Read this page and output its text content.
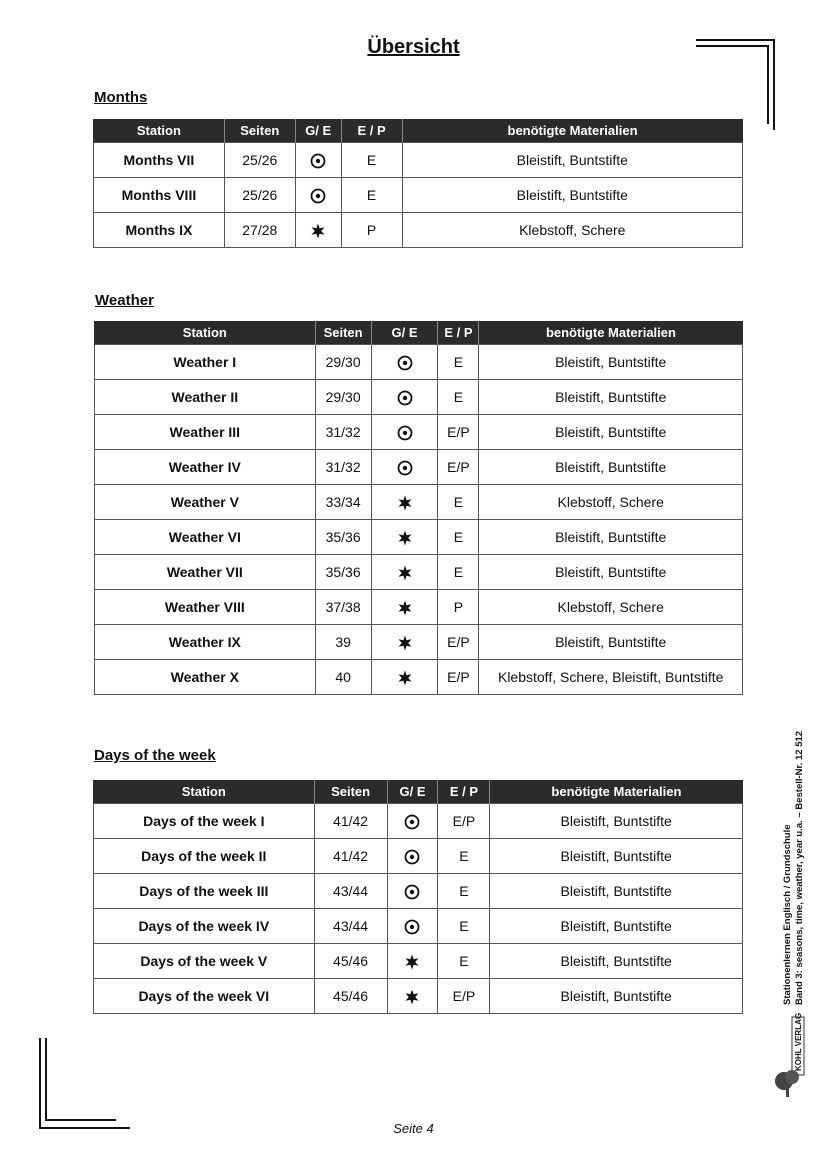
Übersicht
Months
Station	Seiten	G/ E	E / P	benötigte Materialien
Months VII	25/26		E	Bleistift, Buntstifte
Months VIII	25/26		E	Bleistift, Buntstifte
Months IX	27/28		P	Klebstoff, Schere
Weather
Station	Seiten	G/ E	E / P	benötigte Materialien
Weather I	29/30		E	Bleistift, Buntstifte
Weather II	29/30		E	Bleistift, Buntstifte
Weather III	31/32		E/P	Bleistift, Buntstifte
Weather IV	31/32		E/P	Bleistift, Buntstifte
Weather V	33/34		E	Klebstoff, Schere
Weather VI	35/36		E	Bleistift, Buntstifte
Weather VII	35/36		E	Bleistift, Buntstifte
Weather VIII	37/38		P	Klebstoff, Schere
Weather IX	39		E/P	Bleistift, Buntstifte
Weather X	40		E/P	Klebstoff, Schere, Bleistift, Buntstifte
Days of the week
Station	Seiten	G/ E	E / P	benötigte Materialien
Days of the week I	41/42		E/P	Bleistift, Buntstifte
Days of the week II	41/42		E	Bleistift, Buntstifte
Days of the week III	43/44		E	Bleistift, Buntstifte
Days of the week IV	43/44		E	Bleistift, Buntstifte
Days of the week V	45/46		E	Bleistift, Buntstifte
Days of the week VI	45/46		E/P	Bleistift, Buntstifte	Stationenlernen Englisch / Grundschule Band 3: seasons, time, weather, year u.a. – Bestell-Nr. 12 512
KOHL VERLAG
Seite 4
